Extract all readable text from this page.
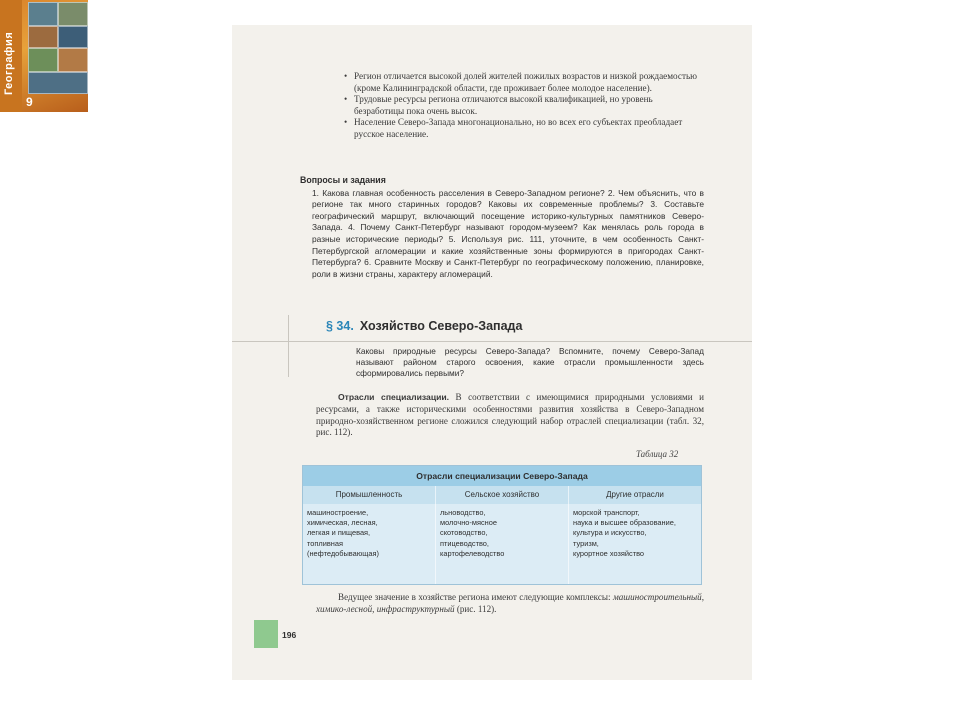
География
9

• Регион отличается высокой долей жителей пожилых возрастов и низкой рождаемостью (кроме Калининградской области, где проживает более молодое население).

• Трудовые ресурсы региона отличаются высокой квалификацией, но уровень безработицы пока очень высок.

• Население Северо-Запада многонационально, но во всех его субъектах преобладает русское население.

Вопросы и задания
1. Какова главная особенность расселения в Северо-Западном регионе? 2. Чем объяснить, что в регионе так много старинных городов? Каковы их современные проблемы? 3. Составьте географический маршрут, включающий посещение историко-культурных памятников Северо-Запада. 4. Почему Санкт-Петербург называют городом-музеем? Как менялась роль города в разные исторические периоды? 5. Используя рис. 111, уточните, в чем особенность Санкт-Петербургской агломерации и какие хозяйственные зоны формируются в пригородах Санкт-Петербурга? 6. Сравните Москву и Санкт-Петербург по географическому положению, планировке, роли в жизни страны, характеру агломераций.
§ 34. Хозяйство Северо-Запада
Каковы природные ресурсы Северо-Запада? Вспомните, почему Северо-Запад называют районом старого освоения, какие отрасли промышленности здесь сформировались первыми?
Отрасли специализации. В соответствии с имеющимися природными условиями и ресурсами, а также историческими особенностями развития хозяйства в Северо-Западном природно-хозяйственном регионе сложился следующий набор отраслей специализации (табл. 32, рис. 112).
Таблица 32
Отрасли специализации Северо-Запада
Промышленность	Сельское хозяйство	Другие отрасли
машиностроение,
химическая, лесная,
легкая и пищевая,
топливная
(нефтедобывающая)
льноводство,
молочно-мясное
скотоводство,
птицеводство,
картофелеводство
морской транспорт,
наука и высшее образование,
культура и искусство,
туризм,
курортное хозяйство
Ведущее значение в хозяйстве региона имеют следующие комплексы: машиностроительный, химико-лесной, инфраструктурный (рис. 112).
196
